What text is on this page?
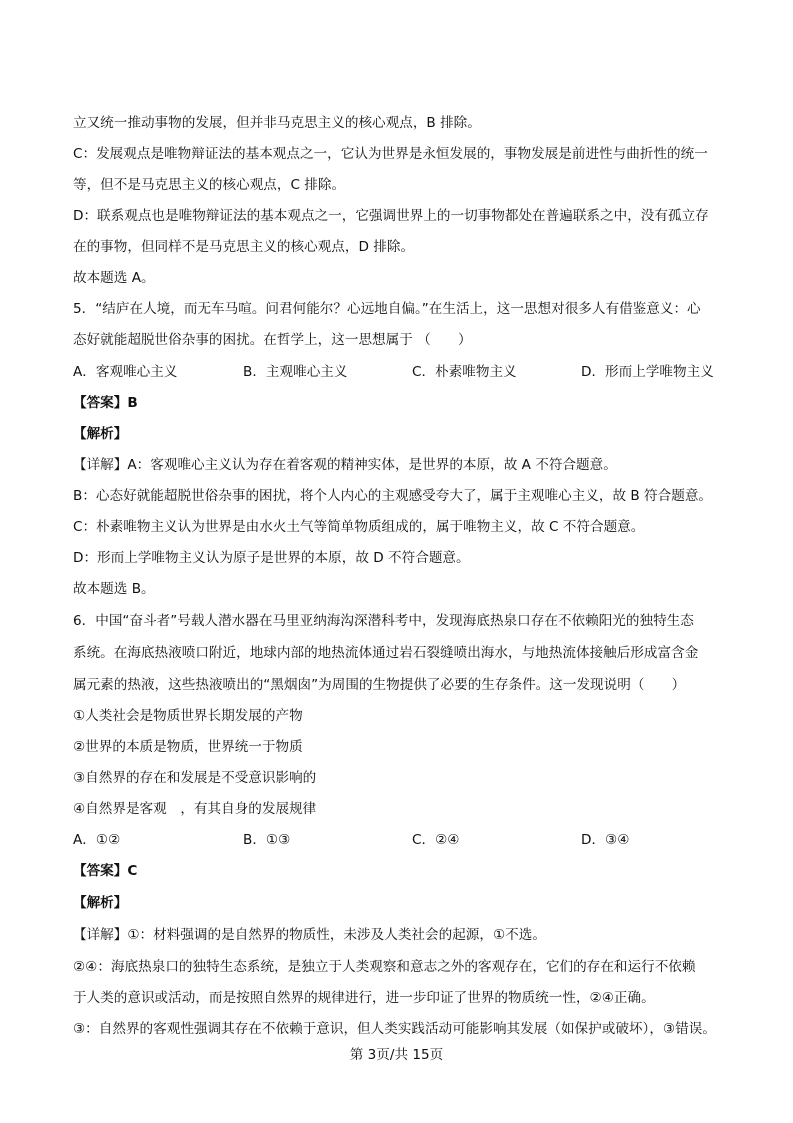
立又统一推动事物的发展，但并非马克思主义的核心观点，B 排除。
C：发展观点是唯物辩证法的基本观点之一，它认为世界是永恒发展的，事物发展是前进性与曲折性的统一
等，但不是马克思主义的核心观点，C 排除。
D：联系观点也是唯物辩证法的基本观点之一，它强调世界上的一切事物都处在普遍联系之中，没有孤立存
在的事物，但同样不是马克思主义的核心观点，D 排除。
故本题选 A。
5．“结庐在人境，而无车马喧。问君何能尔？心远地自偏。”在生活上，这一思想对很多人有借鉴意义：心
态好就能超脱世俗杂事的困扰。在哲学上，这一思想属于 （　　）
A．客观唯心主义	B．主观唯心主义	C．朴素唯物主义	D．形而上学唯物主义
【答案】B
【解析】
【详解】A：客观唯心主义认为存在着客观的精神实体，是世界的本原，故 A 不符合题意。
B：心态好就能超脱世俗杂事的困扰，将个人内心的主观感受夸大了，属于主观唯心主义，故 B 符合题意。
C：朴素唯物主义认为世界是由水火土气等简单物质组成的，属于唯物主义，故 C 不符合题意。
D：形而上学唯物主义认为原子是世界的本原，故 D 不符合题意。
故本题选 B。
6．中国“奋斗者”号载人潜水器在马里亚纳海沟深潜科考中，发现海底热泉口存在不依赖阳光的独特生态
系统。在海底热液喷口附近，地球内部的地热流体通过岩石裂缝喷出海水，与地热流体接触后形成富含金
属元素的热液，这些热液喷出的“黑烟囱”为周围的生物提供了必要的生存条件。这一发现说明（　　）
①人类社会是物质世界长期发展的产物
②世界的本质是物质，世界统一于物质
③自然界的存在和发展是不受意识影响的
④自然界是客观　，有其自身的发展规律
A．①②	B．①③	C．②④	D．③④
【答案】C
【解析】
【详解】①：材料强调的是自然界的物质性，未涉及人类社会的起源，①不选。
②④：海底热泉口的独特生态系统，是独立于人类观察和意志之外的客观存在，它们的存在和运行不依赖
于人类的意识或活动，而是按照自然界的规律进行，进一步印证了世界的物质统一性，②④正确。
③：自然界的客观性强调其存在不依赖于意识，但人类实践活动可能影响其发展（如保护或破坏），③错误。
第 3页/共 15页
